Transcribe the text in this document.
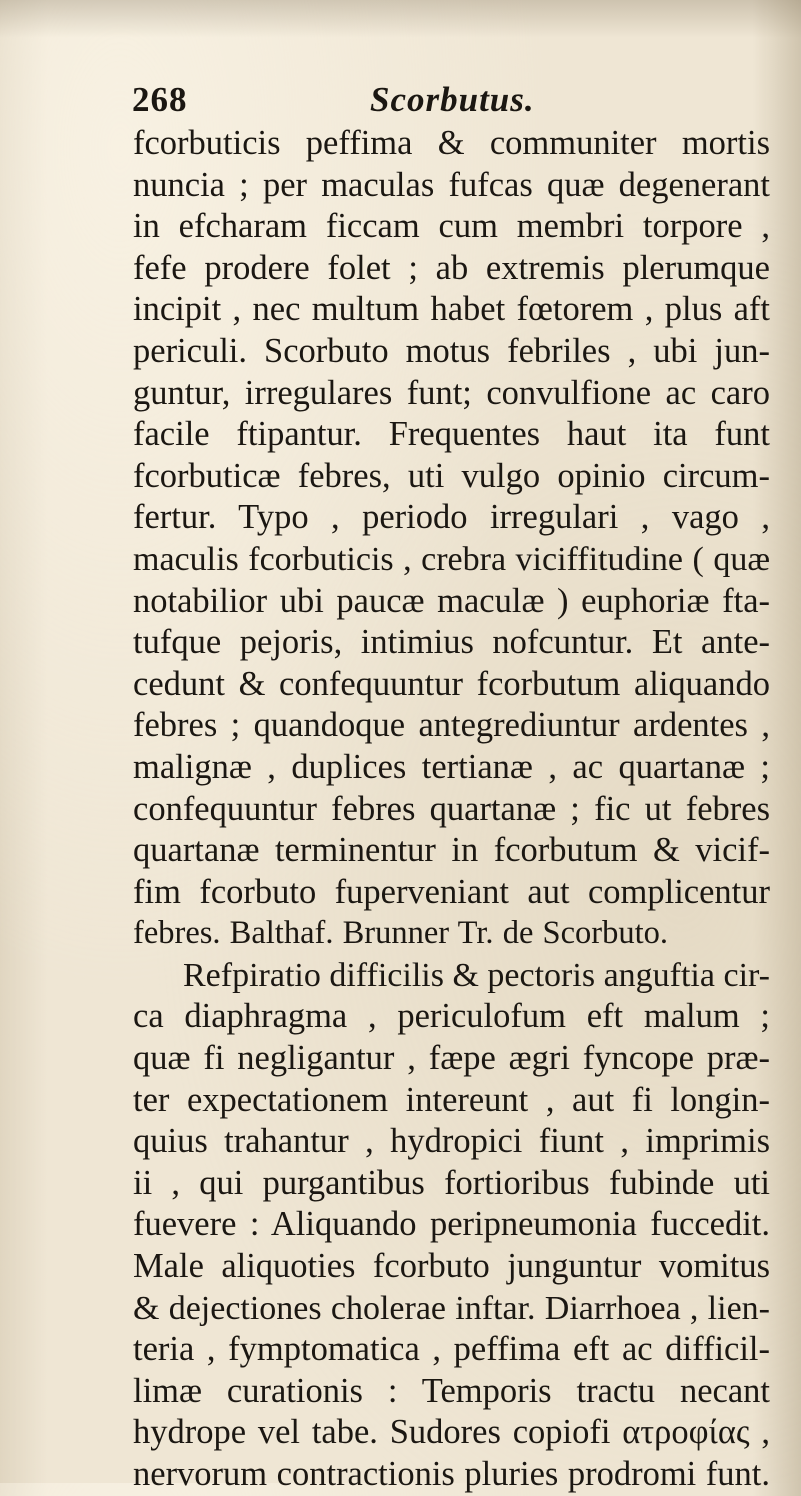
268	Scorbutus.
fcorbuticis peffima & communiter mortis
nuncia ; per maculas fufcas quæ degenerant
in efcharam ficcam cum membri torpore ,
fefe prodere folet ; ab extremis plerumque
incipit , nec multum habet fœtorem , plus aft
periculi. Scorbuto motus febriles , ubi jun-
guntur, irregulares funt; convulfione ac caro
facile ftipantur. Frequentes haut ita funt
fcorbuticæ febres, uti vulgo opinio circum-
fertur. Typo , periodo irregulari , vago ,
maculis fcorbuticis , crebra viciffitudine ( quæ
notabilior ubi paucæ maculæ ) euphoriæ fta-
tufque pejoris, intimius nofcuntur. Et ante-
cedunt & confequuntur fcorbutum aliquando
febres ; quandoque antegrediuntur ardentes ,
malignæ , duplices tertianæ , ac quartanæ ;
confequuntur febres quartanæ ; fic ut febres
quartanæ terminentur in fcorbutum & vicif-
fim fcorbuto fuperveniant aut complicentur
febres. Balthaf. Brunner Tr. de Scorbuto.
Refpiratio difficilis & pectoris anguftia cir-
ca diaphragma , periculofum eft malum ;
quæ fi negligantur , fæpe ægri fyncope præ-
ter expectationem intereunt , aut fi longin-
quius trahantur , hydropici fiunt , imprimis
ii , qui purgantibus fortioribus fubinde uti
fuevere : Aliquando peripneumonia fuccedit.
Male aliquoties fcorbuto junguntur vomitus
& dejectiones cholerae inftar. Diarrhoea , lien-
teria , fymptomatica , peffima eft ac difficil-
limæ curationis : Temporis tractu necant
hydrope vel tabe. Sudores copiofi ατροφίας ,
nervorum contractionis pluries prodromi funt.
